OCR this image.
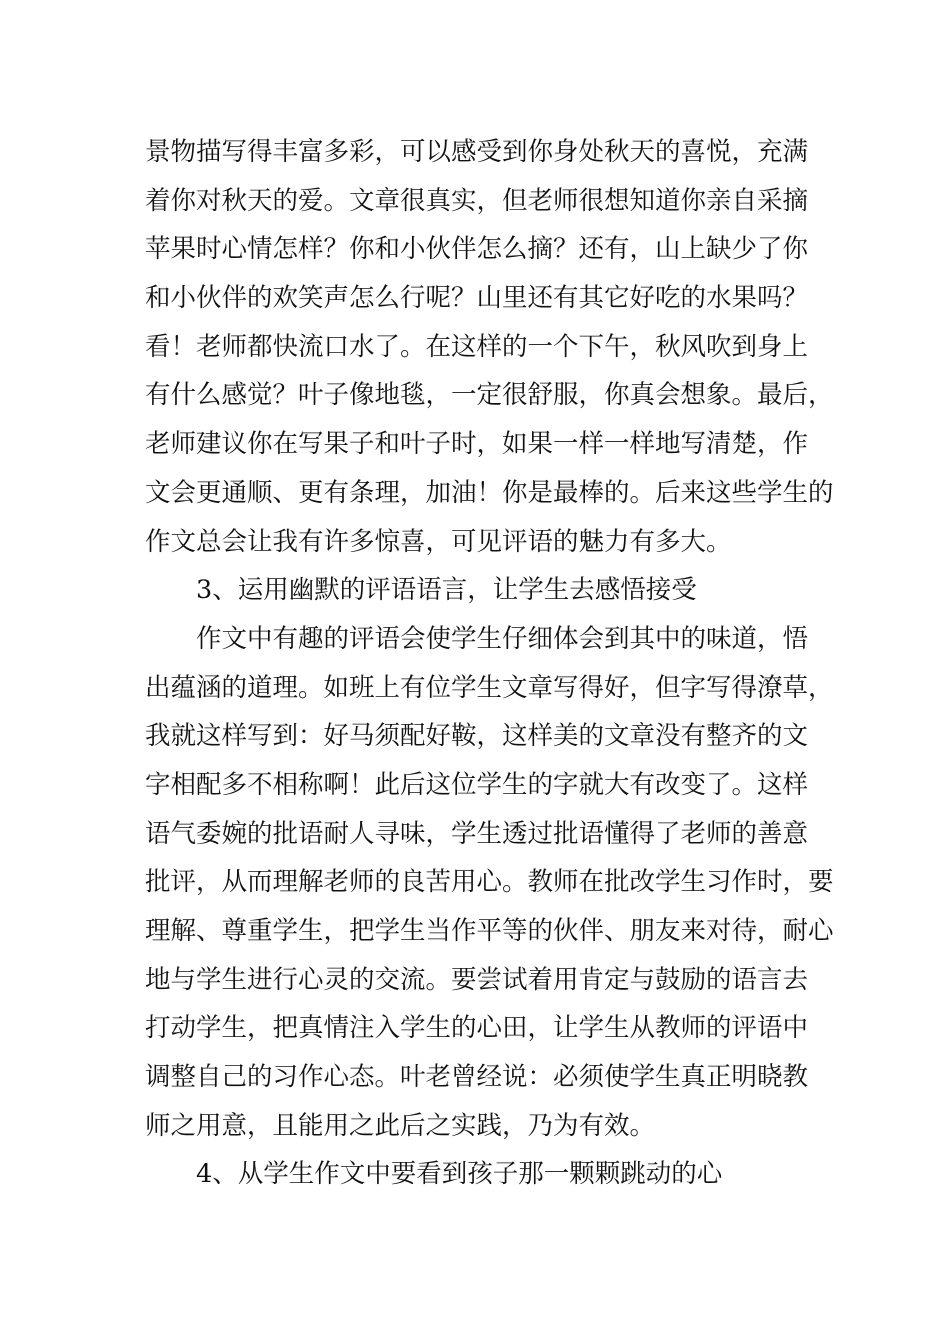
景物描写得丰富多彩，可以感受到你身处秋天的喜悦，充满
着你对秋天的爱。文章很真实，但老师很想知道你亲自采摘
苹果时心情怎样？你和小伙伴怎么摘？还有，山上缺少了你
和小伙伴的欢笑声怎么行呢？山里还有其它好吃的水果吗？
看！老师都快流口水了。在这样的一个下午，秋风吹到身上
有什么感觉？叶子像地毯，一定很舒服，你真会想象。最后，
老师建议你在写果子和叶子时，如果一样一样地写清楚，作
文会更通顺、更有条理，加油！你是最棒的。后来这些学生的
作文总会让我有许多惊喜，可见评语的魅力有多大。
3、运用幽默的评语语言，让学生去感悟接受
作文中有趣的评语会使学生仔细体会到其中的味道，悟
出蕴涵的道理。如班上有位学生文章写得好，但字写得潦草，
我就这样写到：好马须配好鞍，这样美的文章没有整齐的文
字相配多不相称啊！此后这位学生的字就大有改变了。这样
语气委婉的批语耐人寻味，学生透过批语懂得了老师的善意
批评，从而理解老师的良苦用心。教师在批改学生习作时，要
理解、尊重学生，把学生当作平等的伙伴、朋友来对待，耐心
地与学生进行心灵的交流。要尝试着用肯定与鼓励的语言去
打动学生，把真情注入学生的心田，让学生从教师的评语中
调整自己的习作心态。叶老曾经说：必须使学生真正明晓教
师之用意，且能用之此后之实践，乃为有效。
4、从学生作文中要看到孩子那一颗颗跳动的心
